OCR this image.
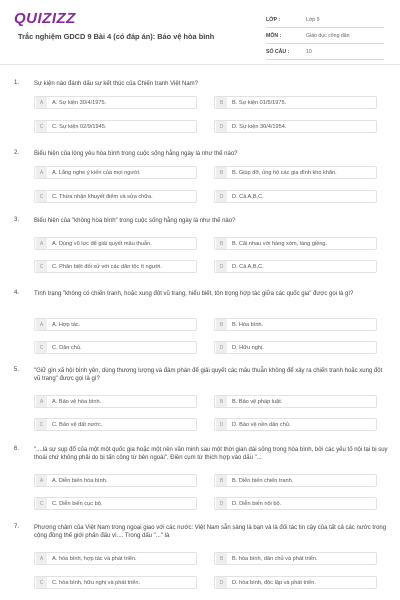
QUIZIZZ
Trắc nghiệm GDCD 9 Bài 4 (có đáp án): Bảo vệ hòa bình
LỚP :	Lớp 9
MÔN :	Giáo dục công dân
SỐ CÂU :	10
1. Sự kiện nào đánh dấu sự kết thúc của Chiến tranh Việt Nam?
A	A. Sự kiện 30/4/1975.	B	B. Sự kiện 01/5/1975.
C	C. Sự kiện 02/9/1945.	D	D. Sự kiện 30/4/1954.
2. Biểu hiện của lòng yêu hòa bình trong cuộc sống hằng ngày là như thế nào?
A	A. Lắng nghe ý kiến của mọi người.	B	B. Giúp đỡ, ủng hộ các gia đình khó khăn.
C	C. Thừa nhận khuyết điểm và sửa chữa.	D	D. Cả A,B,C.
3. Biểu hiện của "không hòa bình" trong cuộc sống hằng ngày là như thế nào?
A	A. Dùng vũ lực để giải quyết mâu thuẫn.	B	B. Cãi nhau với hàng xóm, láng giềng.
C	C. Phân biệt đối xử với các dân tộc ít người.	D	D. Cả A,B,C.
4. Tình trạng "không có chiến tranh, hoặc xung đột vũ trang, hiểu biết, tôn trọng hợp tác giữa các quốc gia" được gọi là gì?
A	A. Hợp tác.	B	B. Hòa bình.
C	C. Dân chủ.	D	D. Hữu nghị.
5. "Giữ gìn xã hội bình yên, dùng thương lượng và đàm phán để giải quyết các mâu thuẫn không để xảy ra chiến tranh hoặc xung đột vũ trang" được gọi là gì?
A	A. Bảo vệ hòa bình.	B	B. Bảo vệ pháp luật.
C	C. Bảo vệ đất nước.	D	D. Bảo vệ nền dân chủ.
6. "....là sự sụp đổ của một một quốc gia hoặc một nền văn minh sau một thời gian dài sống trong hòa bình, bởi các yếu tố nội tại bị suy thoái chứ không phải do bị tấn công từ bên ngoài". Điền cụm từ thích hợp vào dấu "...
A	A. Diễn biến hòa bình.	B	B. Diễn biến chiến tranh.
C	C. Diễn biến cục bộ.	D	D. Diễn biến nội bộ.
7. Phương châm của Việt Nam trong ngoại giao với các nước: Việt Nam sẵn sàng là bạn và là đối tác tin cậy của tất cả các nước trong cộng đồng thế giới phấn đấu vì.... Trong dấu "..." là
A	A. hòa bình, hợp tác và phát triển.	B	B. hòa bình, dân chủ và phát triển.
C	C. hòa bình, hữu nghị và phát triển.	D	D. hòa bình, độc lập và phát triển.
